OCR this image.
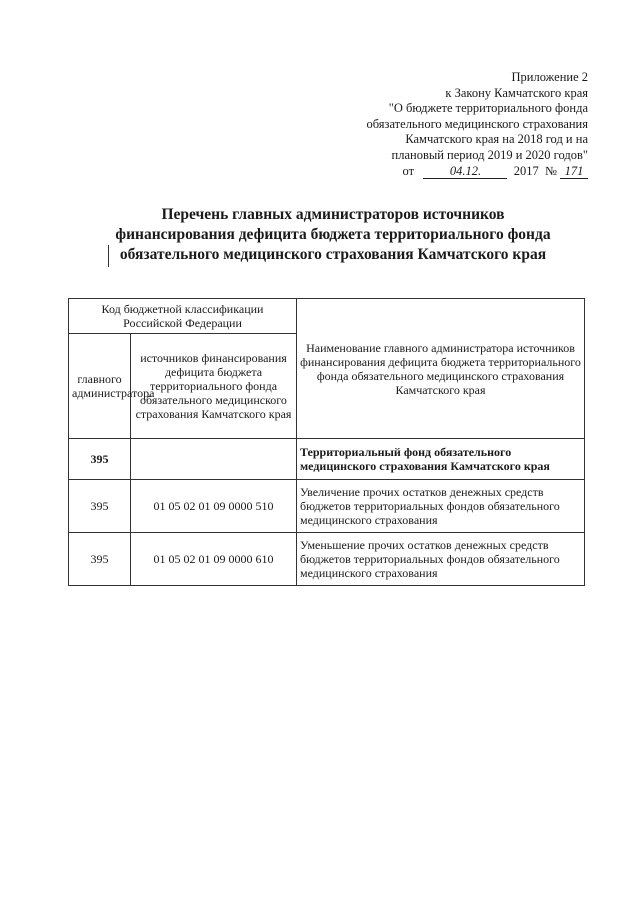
Приложение 2
к Закону Камчатского края
"О бюджете территориального фонда
обязательного медицинского страхования
Камчатского края на 2018 год и на
плановый период 2019 и 2020 годов"
от	04.12.	2017 № 171
Перечень главных администраторов источников
финансирования дефицита бюджета территориального фонда
обязательного медицинского страхования Камчатского края
Код бюджетной классификации Российской Федерации		Наименование главного администратора источников финансирования дефицита бюджета территориального фонда обязательного медицинского страхования Камчатского края
главного администратора	источников финансирования дефицита бюджета территориального фонда обязательного медицинского страхования Камчатского края	
395		Территориальный фонд обязательного медицинского страхования Камчатского края
395	01 05 02 01 09 0000 510	Увеличение прочих остатков денежных средств бюджетов территориальных фондов обязательного медицинского страхования
395	01 05 02 01 09 0000 610	Уменьшение прочих остатков денежных средств бюджетов территориальных фондов обязательного медицинского страхования
